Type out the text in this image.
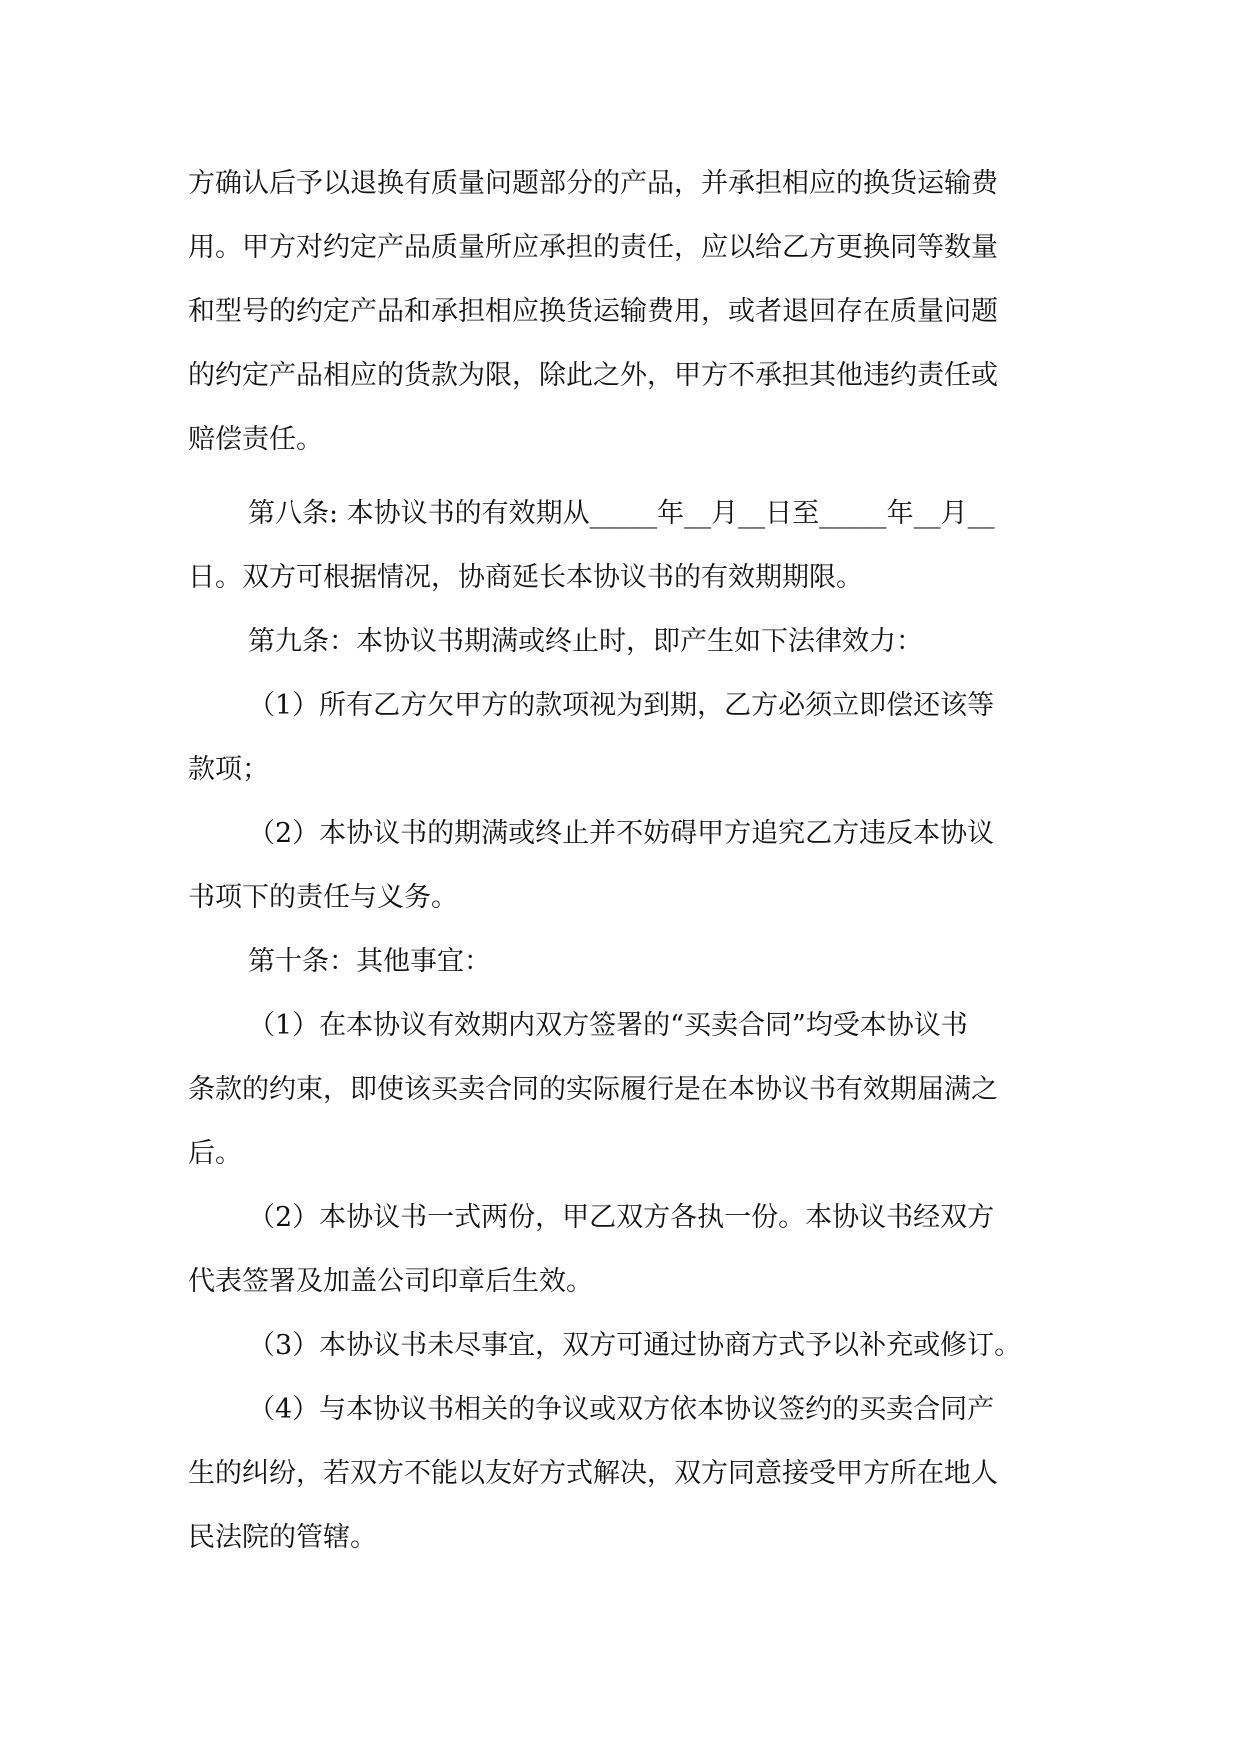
方确认后予以退换有质量问题部分的产品，并承担相应的换货运输费

用。甲方对约定产品质量所应承担的责任，应以给乙方更换同等数量

和型号的约定产品和承担相应换货运输费用，或者退回存在质量问题

的约定产品相应的货款为限，除此之外，甲方不承担其他违约责任或

赔偿责任。

第八条: 本协议书的有效期从_____年__月__日至_____年__月__

日。双方可根据情况，协商延长本协议书的有效期期限。

第九条：本协议书期满或终止时，即产生如下法律效力：

（1）所有乙方欠甲方的款项视为到期，乙方必须立即偿还该等

款项；

（2）本协议书的期满或终止并不妨碍甲方追究乙方违反本协议

书项下的责任与义务。

第十条：其他事宜：

（1）在本协议有效期内双方签署的“买卖合同”均受本协议书

条款的约束，即使该买卖合同的实际履行是在本协议书有效期届满之

后。

（2）本协议书一式两份，甲乙双方各执一份。本协议书经双方

代表签署及加盖公司印章后生效。

（3）本协议书未尽事宜，双方可通过协商方式予以补充或修订。

（4）与本协议书相关的争议或双方依本协议签约的买卖合同产

生的纠纷，若双方不能以友好方式解决，双方同意接受甲方所在地人

民法院的管辖。
